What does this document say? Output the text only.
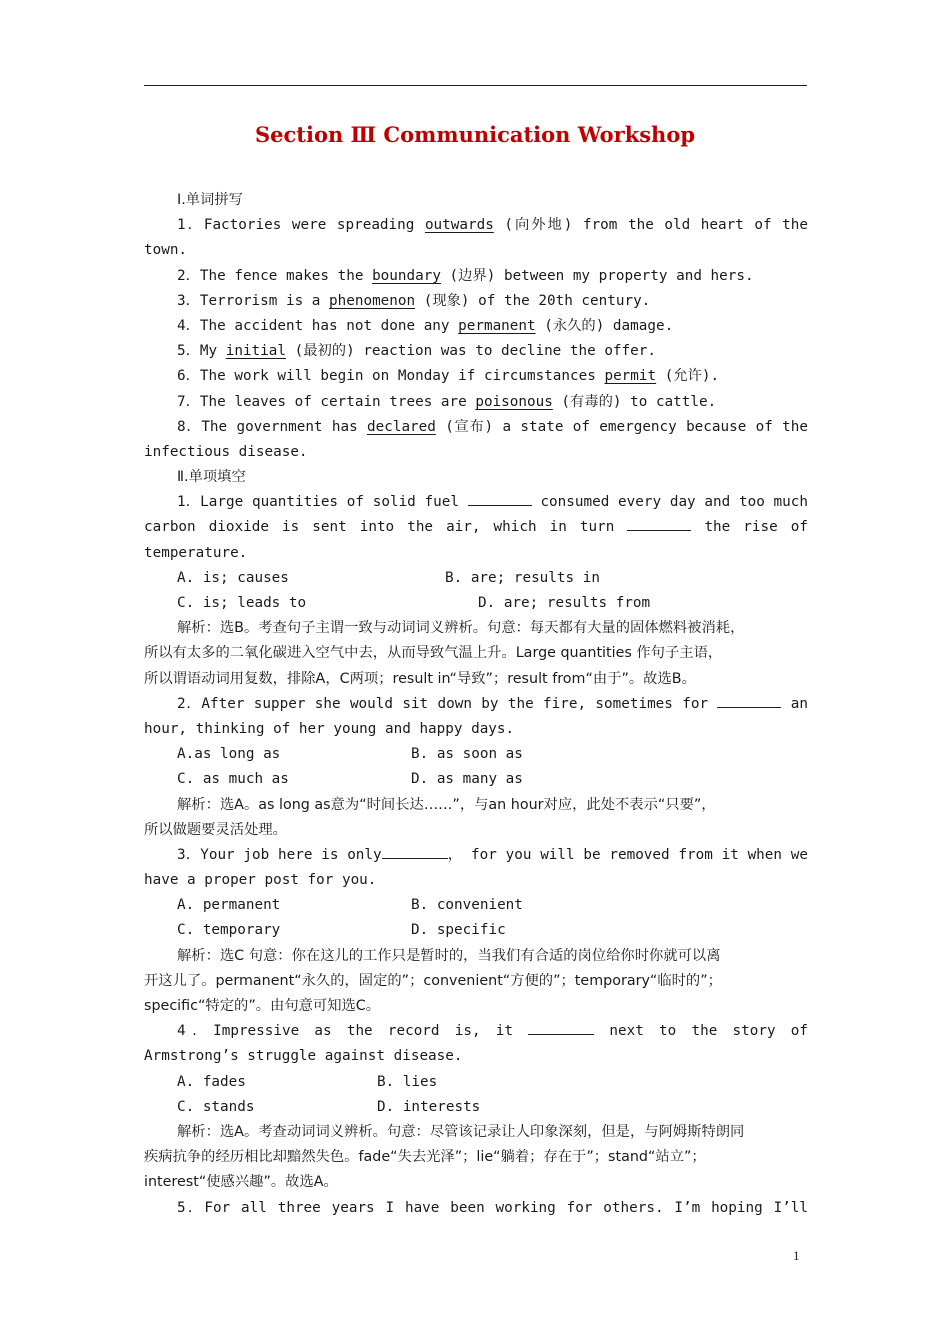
Section Ⅲ Communication Workshop
Ⅰ.单词拼写
1．Factories were spreading outwards (向外地) from the old heart of the
town.
2．The fence makes the boundary (边界) between my property and hers.
3．Terrorism is a phenomenon (现象) of the 20th century.
4．The accident has not done any permanent (永久的) damage.
5．My initial (最初的) reaction was to decline the offer.
6．The work will begin on Monday if circumstances permit (允许).
7．The leaves of certain trees are poisonous (有毒的) to cattle.
8．The government has declared (宣布) a state of emergency because of the
infectious disease.
Ⅱ.单项填空
1．Large quantities of solid fuel	consumed every day and too much
carbon dioxide is sent into the air, which in turn	the rise of
temperature.
A. is; causes	B. are; results in
C. is; leads to	D. are; results from
解析：选B。考查句子主谓一致与动词词义辨析。句意：每天都有大量的固体燃料被消耗，
所以有太多的二氧化碳进入空气中去，从而导致气温上升。Large quantities 作句子主语，
所以谓语动词用复数，排除A，C两项；result in“导致”；result from“由于”。故选B。
2．After supper she would sit down by the fire, sometimes for	an
hour, thinking of her young and happy days.
A.as long as	B. as soon as
C. as much as	D. as many as
解析：选A。as long as意为“时间长达……”，与an hour对应，此处不表示“只要”，
所以做题要灵活处理。
3．Your job here is only	， for you will be removed from it when we
have a proper post for you.
A. permanent	B. convenient
C. temporary	D. specific
解析：选C 句意：你在这儿的工作只是暂时的，当我们有合适的岗位给你时你就可以离
开这儿了。permanent“永久的，固定的”；convenient“方便的”；temporary“临时的”；
specific“特定的”。由句意可知选C。
4．Impressive as the record is, it	next to the story of
Armstrong’s struggle against disease.
A. fades	B. lies
C. stands	D. interests
解析：选A。考查动词词义辨析。句意：尽管该记录让人印象深刻，但是，与阿姆斯特朗同
疾病抗争的经历相比却黯然失色。fade“失去光泽”；lie“躺着；存在于”；stand“站立”；
interest“使感兴趣”。故选A。
5．For all three years I have been working for others. I’m hoping I’ll
1
